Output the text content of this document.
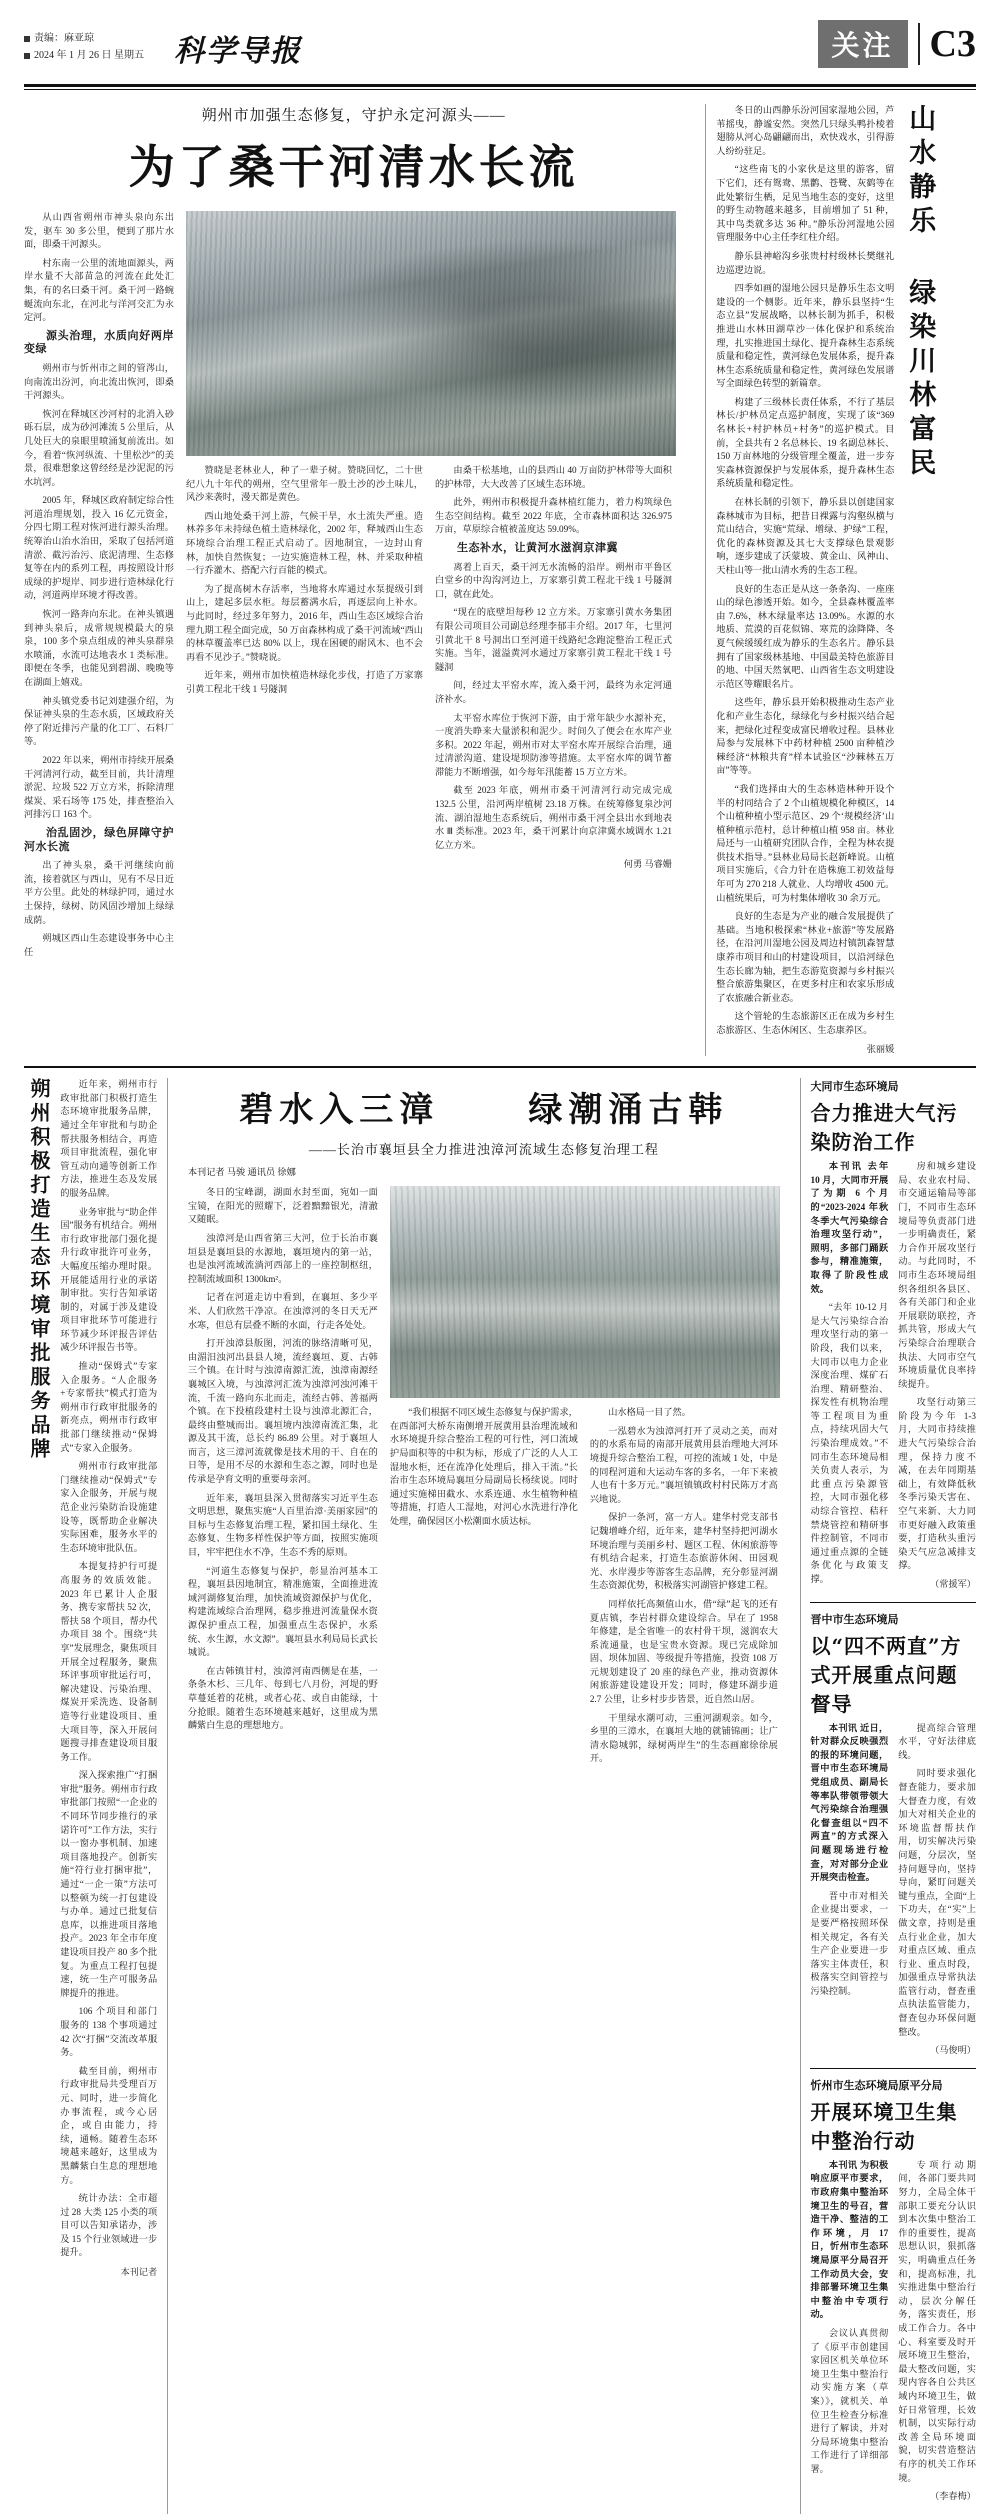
责编：麻亚琼
2024 年 1 月 26 日 星期五 科学导报	关注 C3
朔州市加强生态修复，守护永定河源头——
为了桑干河清水长流

从山西省朔州市神头泉向东出发，驱车 30 多公里，便到了那片水面，即桑干河源头。

村东南一公里的流地面源头，两岸水量不大部苗急的河流在此处汇集，有的名曰桑干河。桑干河一路蜿蜒流向东北，在河北与洋河交汇为永定河。

源头治理，水质向好两岸变绿

朔州市与忻州市之间的管涔山，向南流出汾河，向北流出恢河，即桑干河源头。

恢河在释城区沙河村的北消入砂砾石层，成为砂河滩流 5 公里后，从几处巨大的泉眼里喷涌复前流出。如今，看着“恢河纵流、十里松沙”的美景，很难想象这曾经经是沙泥泥的污水坑河。

2005 年，释城区政府制定综合性河道治理规划，投入 16 亿元资金，分四七期工程对恢河进行源头治理。统筹治山治水治田，采取了包括河道清淤、截污治污、底泥清理、生态修复等在内的系列工程，再按照设计形成绿的护堤岸、同步进行造林绿化行动，河道两岸环境才得改善。

恢河一路奔向东北。在神头镇遇到神头泉后，成常规规模最大的泉泉，100 多个泉点组成的神头泉群泉水喷涌，水流可达地表水 1 类标准。即便在冬季，也能见到碧湖、晚晚等在湖面上嬉戏。

神头镇党委书记刘建强介绍，为保证神头泉的生态水质，区域政府关停了附近排污产量的化工厂、石料厂等。

2022 年以来，朔州市持续开展桑干河清河行动，截至目前，共计清理淤泥、垃圾 522 万立方米，拆除清理煤炭、采石场等 175 处，排查整治入河排污口 163 个。

治乱固沙，绿色屏障守护河水长流

出了神头泉，桑干河继续向前流，接着就区与西山，见有不尽日近平方公里。此处的林绿护同，通过水土保持，绿树、防风固沙增加上绿绿成荫。

朔城区西山生态建设事务中心主任

赞晓是老林业人，种了一辈子树。赞晓回忆，二十世纪八九十年代的朔州，空气里常年一股土沙的沙土味儿，风沙来袭时，漫天都是黄色。

西山地处桑干河上游，气候干旱，水土流失严重。造林养多年未持绿色植土造林绿化，2002 年，释城西山生态环境综合治理工程正式启动了。因地制宜，一边封山育林，加快自然恢复；一边实施造林工程，林、并采取种植一行乔灌木、搭配六行百能的模式。

为了提高树木存活率，当地将水库通过水泵提级引到山上，建起多层水柜。每层蓄满水后，再逐层向上补水。与此同时，经过多年努力，2016 年，西山生态区域综合治理九期工程全面完成，50 万亩森林构成了桑干河流域“西山的林草覆盖率已达 80% 以上，现在困硬的耐风木、也不会再看不见沙子。”赞晓说。

近年来，朔州市加快植造林绿化步伐，打造了万家寨引黄工程北干线 1 号隧洞

由桑干松基地，山的县西山 40 万亩防护林带等大面积的护林带，大大改善了区域生态环境。

此外，朔州市积极提升森林植红能力，着力构筑绿色生态空间结构。截至 2022 年底，全市森林面积达 326.975 万亩，草原综合植被盖度达 59.09%。

生态补水，让黄河水滋润京津冀

离着上百天，桑干河无水流畅的沿岸。朔州市平鲁区白堂乡的中沟沟河边上，万家寨引黄工程北干线 1 号隧洞口，就在此处。

“现在的底壁坦每秒 12 立方米。万家寨引黄水务集团有限公司项目公司副总经理李郁丰介绍。2017 年，七里河引黄北干 8 号洞出口至河道干线路纪念跑淀整治工程正式实施。当年，滋溢黄河水通过万家寨引黄工程北干线 1 号隧洞

间，经过太平窑水库，流入桑干河，最终为永定河通济补水。

太平窑水库位于恢河下游，由于常年缺少水源补充，一度消失睁来大量淤积和泥少。时间久了便会在水库产业多积。2022 年起，朔州市对太平窑水库开展综合治理，通过清淤沟道、建设堤坝防渗等措施。太平窑水库的调节蓄滞能力不断增强，如今每年汛能蓄 15 万立方米。

截至 2023 年底，朔州市桑干河清河行动完成完成 132.5 公里，沿河两岸植树 23.18 万株。在统筹修复泉沙河流、湖泊湿地生态系统后，朔州市桑干河全县出水到地表水 Ⅲ 类标准。2023 年，桑干河累计向京津冀水域调水 1.21 亿立方米。

何勇 马睿姗

冬日的山西静乐汾河国家湿地公园，芦苇摇曳，静谧安然。突然几只绿头鸭扑棱着翅膀从河心岛翩翩而出，欢快戏水，引得游人纷纷驻足。

“这些南飞的小家伙是这里的游客，留下它们，还有鸳鸯、黑鹳、苍鹭、灰鹤等在此处繁衍生栖，足见当地生态的变好，这里的野生动物越来越多，目前增加了 51 种，其中鸟类就多达 36 种。”静乐汾河湿地公园管理服务中心主任李红柱介绍。

静乐县神峪沟乡张贵村村级林长樊继礼边巡逻边说。

四季如画的湿地公园只是静乐生态文明建设的一个侧影。近年来，静乐县坚持“生态立县”发展战略，以林长制为抓手，积极推进山水林田湖草沙一体化保护和系统治理，扎实推进国土绿化、提升森林生态系统质量和稳定性，黄河绿色发展体系，提升森林生态系统质量和稳定性，黄河绿色发展谱写全面绿色转型的新篇章。

构建了三级林长责任体系，不行了基层林长/护林员定点巡护制度，实现了该“369 名林长+村护林员+村务”的巡护模式。目前，全县共有 2 名总林长、19 名副总林长、150 万亩林地的分级管理全覆盖，进一步夯实森林资源保护与发展体系，提升森林生态系统质量和稳定性。

在林长制的引领下，静乐县以创建国家森林城市为目标，把昔日裸露与沟壑纵横与荒山结合，实施“荒绿、增绿、护绿”工程，优化的森林资源及其七大支撑绿色景观影响，逐步建成了沃蒙坡、黄金山、风神山、天柱山等一批山清水秀的生态工程。

良好的生态正是从这一条条沟、一座座山的绿色渗透开始。如今，全县森林覆盖率由 7.6%，林木绿量率达 13.09%。水源的水地质、荒漠的百花似锦、寒荒的涂降降、冬夏气候缓缓红成为静乐的生态名片。静乐县拥有了国家级林基地、中国最美特色旅游目的地、中国天然氧吧、山西省生态文明建设示范区等耀眼名片。

这些年，静乐县开始积极推动生态产业化和产业生态化，绿绿化与乡村振兴结合起来，把绿化过程变成富民增收过程。县林业局参与发展林下中药材种植 2500 亩种植沙棘经济“林粮共育”样本试验区“沙棘林五万亩”等等。

“我们选择由大的生态林造林种开设个半的村同结合了 2 个山植规模化种模区，14 个山植种植小型示范区、29 个‘规模经济’山植种植示范村，总计种植山植 958 亩。林业局还与一山植研究团队合作，全程为林农提供技术指导。”县林业局局长赵新峰说。山植项目实施后，《合力针在造株施工初效益每年可为 270 218 人就业、人均增收 4500 元。山植统果后，可为村集体增收 30 余万元。

良好的生态是为产业的融合发展提供了基础。当地积极探索“林业+旅游”等发展路径，在沿河川湿地公园及周边村镇凯森智慧康养市项目和山的村建设项目，以沿河绿色生态长廊为轴，把生态游览资源与乡村振兴整合旅游集聚区，在更多村庄和农家乐形成了农旅融合新业态。

这个管轮的生态旅游区正在成为乡村生态旅游区、生态休闲区、生态康养区。

张丽媛
山水静乐 绿染川林富民
朔州积极打造生态环境审批服务品牌	近年来，朔州市行政审批部门积极打造生态环境审批服务品牌，通过全年审批和与助企帮扶服务相结合，再造项目审批流程，强化审管互动向通等创新工作方法，推进生态及发展的服务品牌。

业务审批与“助企伴国”服务有机结合。朔州市行政审批部门强化提升行政审批许可业务，大幅度压缩办理时限。开展能适用行业的承诺制审批。实行告知承诺制的，对属于涉及建设项目审批环节可能进行环节减少环评报告评估减少环评报告书等。

推动“保姆式”专家入企服务。“人企服务+专家帮扶”模式打造为朔州市行政审批服务的新亮点，朔州市行政审批部门继续推动“保姆式”专家入企服务。

朔州市行政审批部门继续推动“保姆式”专家入企服务，开展与规范企业污染防治设施建设等，既帮助企业解决实际困难，服务水平的生态环境审批队伍。

本提复持护行可提高服务的效质效能。2023 年已累计人企服务、携专家帮扶 52 次，帮扶 58 个项目，帮办代办项目 38 个。围绕“共享”发展理念，聚焦项目开展全过程服务，聚焦环评事项审批运行可，解决建设、污染治理、煤炭开采洗选、设备制造等行业建设项目、重大项目等，深入开展问题搜寻排查建设项目服务工作。

深入探索推广“打捆审批”服务。朔州市行政审批部门按照“一企业的不同环节同步推行的承诺许可”工作方法，实行以一窗办事机制、加速项目落地投产。创新实施“符行业打捆审批”，通过“一企一策”方法可以整顿为统一打包建设与办单。通过已批复信息库，以推进项目落地投产。2023 年全市年度建设项目投产 80 多个批复。为重点工程打包提速，统一生产可服务品牌提升的推进。

106 个项目和部门服务的 138 个事项通过 42 次“打捆”交流改革服务。

截至目前，朔州市行政审批局共受理百万元、同时，进一步简化办事流程，或今心居企，或自由能力，持续，通畅。随着生态环境越来越好，这里成为黑麟紫白生息的理想地方。

统计办法：全市超过 28 大类 125 小类的项目可以告知承诺办，涉及 15 个行业领域进一步提升。

本刊记者
碧水入三漳	绿潮涌古韩
——长治市襄垣县全力推进浊漳河流域生态修复治理工程
本刊记者 马骏 通讯员 徐娜

冬日的宝峰湖，湖面水封至面，宛如一面宝镜，在阳光的照耀下，泛着黯黯银光，清澈又随眠。

浊漳河是山西省第三大河，位于长治市襄垣县是襄垣县的水源地，襄垣境内的第一站，也是浊河流域流淌河西部上的一座控制枢纽，控制流域面积 1300km²。

记者在河道走访中看到，在襄垣、多少平米、人们欣然干净凉。在浊漳河的冬日天无严水寒，但总有层叠不断的水面，行走各处处。

打开浊漳县版图，河流的脉络清晰可见，由湄汨浊河出县县人境，流经襄垣、夏、古韩三个镇。在计时与浊漳南源汇流，浊漳南源经襄城区入境，与浊漳河汇流为浊漳河浊河滩干流，千流一路向东北而走，流经古韩、善福两个镇。在下投植段建村土设与浊漳北源汇合，最终由整城而出。襄垣境内浊漳南流汇集，北源及其干流，总长约 86.89 公里。对于襄垣人而言，这三漳河流就像是技术用的干、自在的日等，是用不尽的水源和生态之源，同时也是传承是孕育文明的重要母亲河。

近年来，襄垣县深入贯彻落实习近平生态文明思想，聚焦实施“人百里治漳·美丽家园”的目标与生态修复治理工程，紧扣国土绿化、生态修复、生物多样性保护等方面，按照实施项目，牢牢把住水不净，生态不秀的原则。

“河道生态修复与保护，彰显治河基本工程，襄垣县因地制宜，精准施策，全面推进流域河湖修复治理，加快流域资源保护与优化，构建流域综合治理网，稳步推进河流量保水资源保护重点工程，加强重点生态保护，水系统、水生源，水文源”。襄垣县水利局局长武长城说。

在古韩镇甘村，浊漳河南西侧是在基，一条条木杉、三几年、每到七八月份，河堤的野草蔓延着的花桃，或者心花、或自由能绿，十分抢眼。随着生态环境越来越好，这里成为黑麟紫白生息的理想地方。

“我们根据不同区域生态修复与保护需求，在西部河大桥东南侧增开展黄用县治理流域和水环境提升综合整治工程的可行性，河口流域护局面积等的中积为标，形成了广泛的人人工湿地水柜，还在流净化处理后，排入干流。”长治市生态环境局襄垣分局副局长杨续说。同时通过实施梯田截水、水系连通、水生植物种植等措施，打造人工湿地，对河心水洗进行净化处理，确保园区小松潮面水质达标。

山水格局一目了然。

一泓碧水为浊漳河打开了灵动之美，而对的的水系布局的南部开展黄用县治理地大河环境提升综合整治工程，可控的流域 1 处，中是的同程河道和大运动车客的多名，一年下来被人也有十多万元。”襄垣镇镇政村村民陈万才高兴地说。

保护一条河，富一方人。建华村党支部书记魏增峰介绍，近年来，建华村坚持把河湖水环境治理与美丽乡村、题区工程、休闲旅游等有机结合起来，打造生态旅游休闲、田园观光、水岸漫步等游客生态品牌，充分彰显河湖生态资源优势，积极落实河湖管护修建工程。

同样依托高频值山水，借“绿”起飞的还有夏店镇，李岩村群众建设综合。早在了 1958 年修建，是全省唯一的农村骨干坝，滋润农大系流通量，也是宝贵水资源。现已完成除加固、坝体加固、等级提升等措施，投资 108 万元规划建设了 20 座的绿色产业，推动资源休闲旅游建设建设开发；同时，修建环湖步道 2.7 公里，让乡村步步皆景，近自然山居。

干里绿水潮可动，三重河湖观亲。如今，乡里的三漳水，在襄垣大地的就铺锦画；让广清水隐城郭，绿树两岸生”的生态画廊徐徐展开。

大同市生态环境局
合力推进大气污染防治工作

本刊讯 去年 10 月，大同市开展了为期 6 个月的“2023-2024 年秋冬季大气污染综合治理攻坚行动”，照明，多部门踊跃参与，精准施策，取得了阶段性成效。

“去年 10-12 月是大气污染综合治理攻坚行动的第一阶段，我们以来，大同市以电力企业深度治理、煤矿石治理、精研整治、探发性有机物治理等工程项目为重点，持续巩固大气污染治理成效。”不同市生态环境局相关负责人表示，为此重点污染源管控，大同市强化移动综合管控、秸秆禁烧管控和精研事件控制管，不同市通过重点源的全链条优化与政策支撑。

房和城乡建设局、农业农村局、市交通运输局等部门，不同市生态环境局等负责部门进一步明确责任，紧力合作开展攻坚行动。与此同时，不同市生态环境局组织各组织各县区、各有关部门和企业开展联防联控，齐抓共管，形成大气污染综合治理联合执法、大同市空气环境质量优良率持续提升。

攻坚行动第三阶段为今年 1-3 月，大同市持续推进大气污染综合治理，保持力度不减，在去年同期基础上，有效降低秋冬季污染天害在、空气来新、大力同市更好融入政策重要，打造秋头重污染天气应急减排支撑。

（常援军）
晋中市生态环境局
以“四不两直”方式开展重点问题督导

本刊讯 近日，针对群众反映强烈的报的环境问题，晋中市生态环境局党组成员、副局长等率队带领带领大气污染综合治理强化督查组以“四不两直”的方式深入问题现场进行检查，对对部分企业开展突击检查。

晋中市对相关企业提出要求，一是要严格按照环保相关规定，各有关生产企业要进一步落实主体责任，积极落实空间管控与污染控制。

提高综合管理水平，守好法律底线。

同时要求强化督查能力，要求加大督查力度，有效加大对相关企业的环境监督帮扶作用，切实解决污染问题，分层次，坚持问题导向，坚持导向，紧盯问题关键与重点，全面“上下功夫，在“实”上做文章，持则是重点行业企业，加大对重点区域、重点行业、重点时段，加强重点导常执法监管行动，督查重点执法监管能力，督查包办环保问题整改。

（马俊明）
忻州市生态环境局原平分局
开展环境卫生集中整治行动

本刊讯 为积极响应原平市要求，市政府集中整治环境卫生的号召，营造干净、整洁的工作环境，月 17 日，忻州市生态环境局原平分局召开工作动员大会，安排部署环境卫生集中整治中专项行动。

会议认真贯彻了《原平市创建国家园区机关单位环境卫生集中整治行动实施方案（草案）》，就机关、单位卫生检查分标准进行了解读，并对分局环境集中整治工作进行了详细部署。

专项行动期间，各部门要共同努力，全局全体干部职工要充分认识到本次集中整治工作的重要性，提高思想认识，狠抓落实，明确重点任务和，提高标准，扎实推进集中整治行动，层次分解任务，落实责任，形成工作合力。各中心、科室要及时开展环境卫生整治，最大整改问题，实现内容各自公共区域内环境卫生，做好日常管理，长效机制，以实际行动改善全局环境面貌，切实营造整洁有序的机关工作环境。

（李春梅）
